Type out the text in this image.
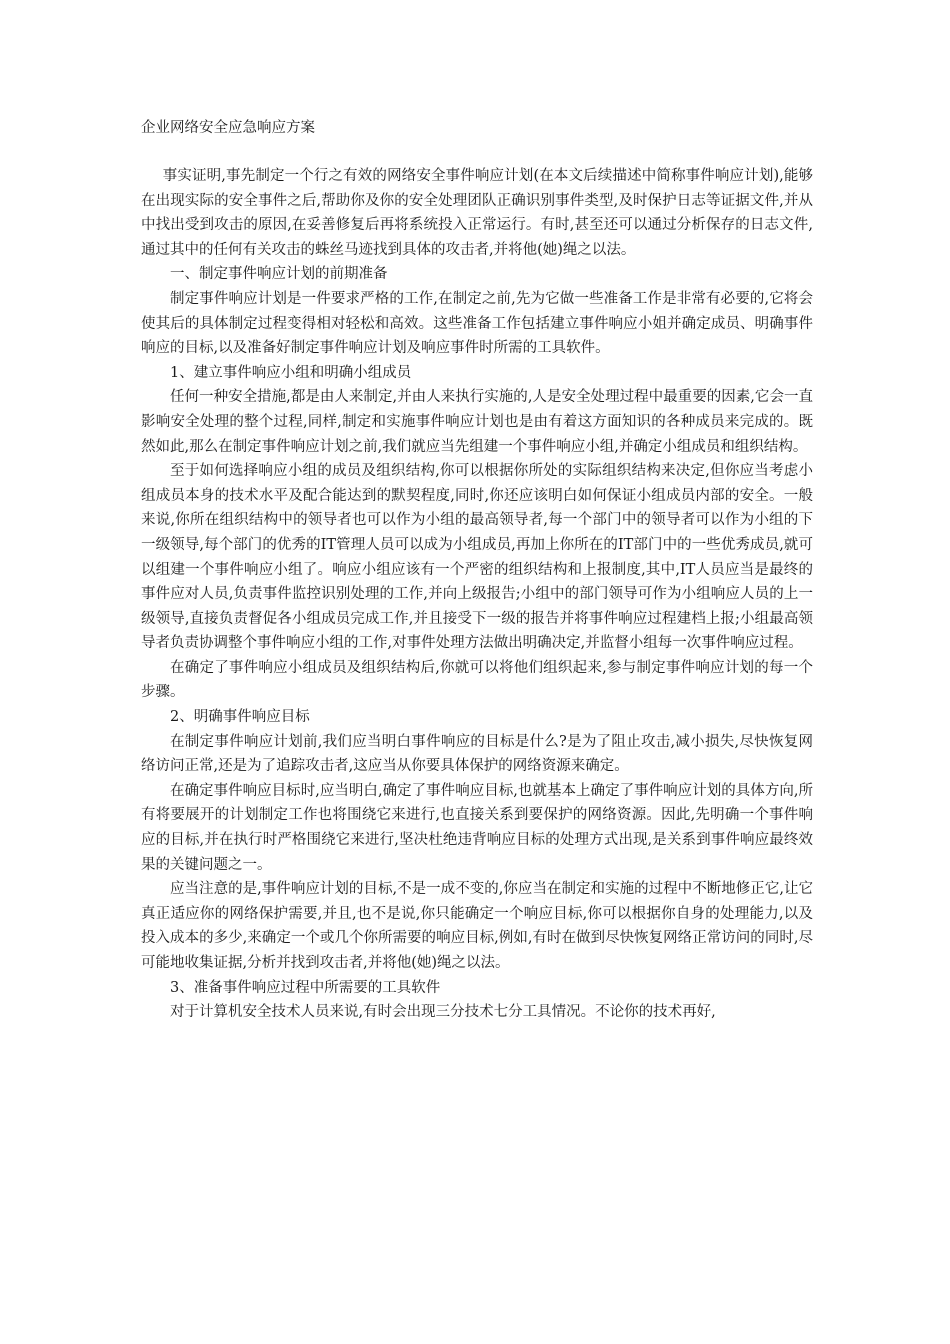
企业网络安全应急响应方案

事实证明,事先制定一个行之有效的网络安全事件响应计划(在本文后续描述中简称事件响应计划),能够在出现实际的安全事件之后,帮助你及你的安全处理团队正确识别事件类型,及时保护日志等证据文件,并从中找出受到攻击的原因,在妥善修复后再将系统投入正常运行。有时,甚至还可以通过分析保存的日志文件,通过其中的任何有关攻击的蛛丝马迹找到具体的攻击者,并将他(她)绳之以法。

一、制定事件响应计划的前期准备

制定事件响应计划是一件要求严格的工作,在制定之前,先为它做一些准备工作是非常有必要的,它将会使其后的具体制定过程变得相对轻松和高效。这些准备工作包括建立事件响应小姐并确定成员、明确事件响应的目标,以及准备好制定事件响应计划及响应事件时所需的工具软件。

1、建立事件响应小组和明确小组成员

任何一种安全措施,都是由人来制定,并由人来执行实施的,人是安全处理过程中最重要的因素,它会一直影响安全处理的整个过程,同样,制定和实施事件响应计划也是由有着这方面知识的各种成员来完成的。既然如此,那么在制定事件响应计划之前,我们就应当先组建一个事件响应小组,并确定小组成员和组织结构。

至于如何选择响应小组的成员及组织结构,你可以根据你所处的实际组织结构来决定,但你应当考虑小组成员本身的技术水平及配合能达到的默契程度,同时,你还应该明白如何保证小组成员内部的安全。一般来说,你所在组织结构中的领导者也可以作为小组的最高领导者,每一个部门中的领导者可以作为小组的下一级领导,每个部门的优秀的IT管理人员可以成为小组成员,再加上你所在的IT部门中的一些优秀成员,就可以组建一个事件响应小组了。响应小组应该有一个严密的组织结构和上报制度,其中,IT人员应当是最终的事件应对人员,负责事件监控识别处理的工作,并向上级报告;小组中的部门领导可作为小组响应人员的上一级领导,直接负责督促各小组成员完成工作,并且接受下一级的报告并将事件响应过程建档上报;小组最高领导者负责协调整个事件响应小组的工作,对事件处理方法做出明确决定,并监督小组每一次事件响应过程。

在确定了事件响应小组成员及组织结构后,你就可以将他们组织起来,参与制定事件响应计划的每一个步骤。

2、明确事件响应目标

在制定事件响应计划前,我们应当明白事件响应的目标是什么?是为了阻止攻击,减小损失,尽快恢复网络访问正常,还是为了追踪攻击者,这应当从你要具体保护的网络资源来确定。

在确定事件响应目标时,应当明白,确定了事件响应目标,也就基本上确定了事件响应计划的具体方向,所有将要展开的计划制定工作也将围绕它来进行,也直接关系到要保护的网络资源。因此,先明确一个事件响应的目标,并在执行时严格围绕它来进行,坚决杜绝违背响应目标的处理方式出现,是关系到事件响应最终效果的关键问题之一。

应当注意的是,事件响应计划的目标,不是一成不变的,你应当在制定和实施的过程中不断地修正它,让它真正适应你的网络保护需要,并且,也不是说,你只能确定一个响应目标,你可以根据你自身的处理能力,以及投入成本的多少,来确定一个或几个你所需要的响应目标,例如,有时在做到尽快恢复网络正常访问的同时,尽可能地收集证据,分析并找到攻击者,并将他(她)绳之以法。

3、准备事件响应过程中所需要的工具软件

对于计算机安全技术人员来说,有时会出现三分技术七分工具情况。不论你的技术再好,
